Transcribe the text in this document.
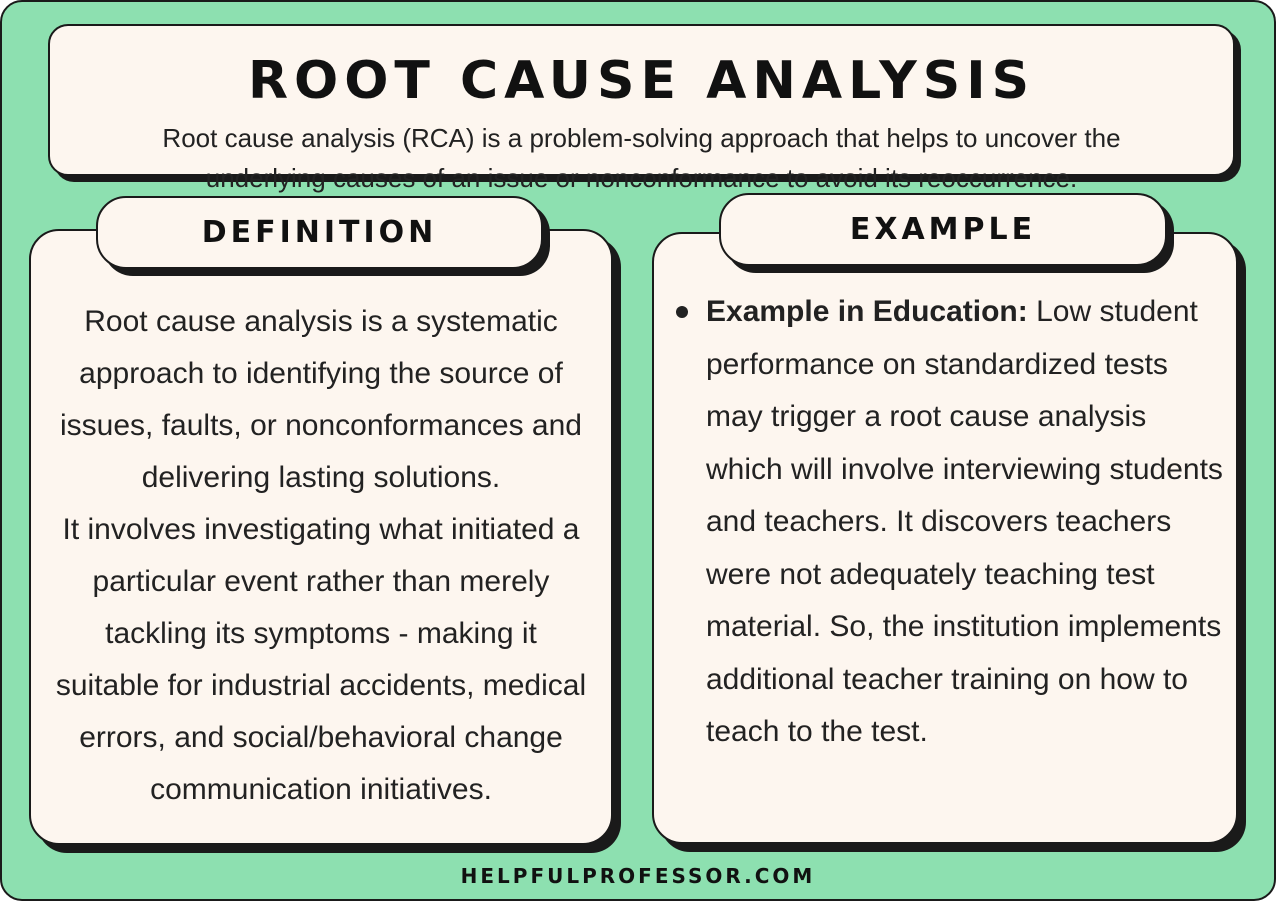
ROOT CAUSE ANALYSIS
Root cause analysis (RCA) is a problem-solving approach that helps to uncover the underlying causes of an issue or nonconformance to avoid its reoccurrence.
DEFINITION	EXAMPLE

Root cause analysis is a systematic approach to identifying the source of issues, faults, or nonconformances and delivering lasting solutions.

It involves investigating what initiated a particular event rather than merely tackling its symptoms - making it suitable for industrial accidents, medical errors, and social/behavioral change communication initiatives.

Example in Education: Low student performance on standardized tests may trigger a root cause analysis which will involve interviewing students and teachers. It discovers teachers were not adequately teaching test material. So, the institution implements additional teacher training on how to teach to the test.
HELPFULPROFESSOR.COM
